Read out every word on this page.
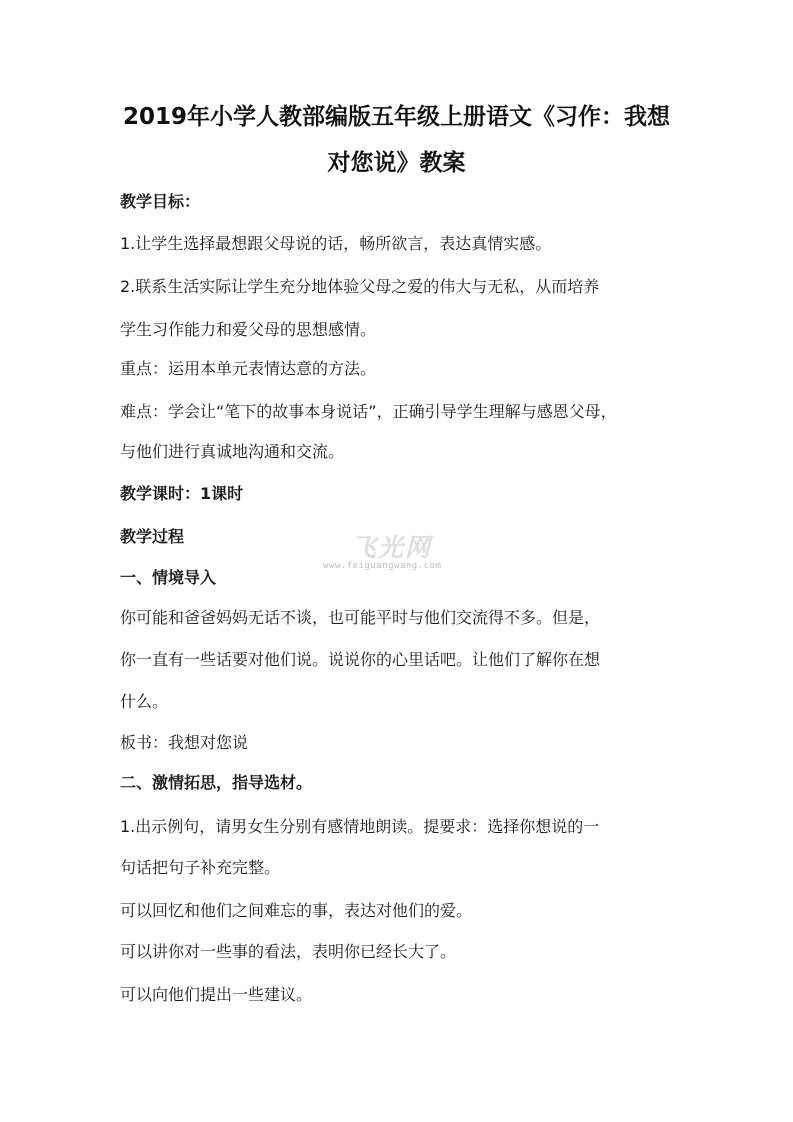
2019年小学人教部编版五年级上册语文《习作：我想
对您说》教案
教学目标：
1.让学生选择最想跟父母说的话，畅所欲言，表达真情实感。
2.联系生活实际让学生充分地体验父母之爱的伟大与无私，从而培养
学生习作能力和爱父母的思想感情。
重点：运用本单元表情达意的方法。
难点：学会让“笔下的故事本身说话”，正确引导学生理解与感恩父母，
与他们进行真诚地沟通和交流。
教学课时：1课时
教学过程
一、情境导入
你可能和爸爸妈妈无话不谈，也可能平时与他们交流得不多。但是，
你一直有一些话要对他们说。说说你的心里话吧。让他们了解你在想
什么。
板书：我想对您说
二、激情拓思，指导选材。
1.出示例句，请男女生分别有感情地朗读。提要求：选择你想说的一
句话把句子补充完整。
可以回忆和他们之间难忘的事，表达对他们的爱。
可以讲你对一些事的看法，表明你已经长大了。
可以向他们提出一些建议。
飞光网
www.feiguangwang.com
